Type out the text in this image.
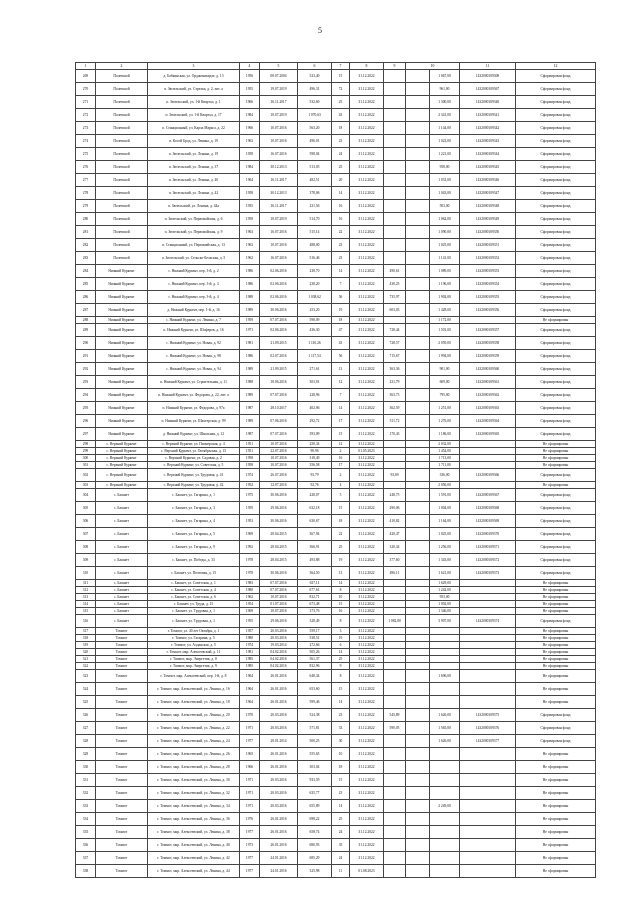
5
1	2	3	4	5	6	7	8	9	10		11	12
269	Полевской	д. Бабкинская, ул. Орджоникидзе, д. 13	1956	08.07.2004	523,40	15	31.12.2022			1 067,00	1432000109308	Сформирован фонд
270	Полевской	п. Зюзельский, ул. Стрелка, д. 2, лит. а	1955	19.07.2019	496,31	72	31.12.2022			961,00	1432000109367	Сформирован фонд
271	Полевской	п. Зюзельский, ул. 1-й Квартал, д. 1	1966	16.11.2017	532,60	25	31.12.2022			1 300,00	1432000109340	Сформирован фонд
272	Полевской	п. Зюзельский, ул. 1-й Квартал, д. 17	1984	10.07.2019	1 070,63	43	31.12.2022			2 341,00	1432000109341	Сформирован фонд
273	Полевской	п. Станционный, ул. Карла Маркса, д. 22	1966	10.07.2016	563,20	18	31.12.2022			1 144,00	1432000109342	Сформирован фонд
274	Полевской	п. Косой Брод, ул. Ленина, д. 19	1963	10.07.2016	496,01	23	31.12.2022			1 023,00	1432000109343	Сформирован фонд
275	Полевской	п. Зюзельский, ул. Ленина, д. 19	1958	16.07.2016	598,04	24	31.12.2022			1 221,00	1432000109344	Сформирован фонд
276	Полевской	п. Зюзельский, ул. Ленина, д. 37	1984	30.12.2013	513,05	25	31.12.2022			958,00	1432000109345	Сформирован фонд
277	Полевской	п. Зюзельский, ул. Ленина, д. 40	1964	16.11.2017	482,51	20	31.12.2022			1 031,00	1432000109346	Сформирован фонд
278	Полевской	п. Зюзельский, ул. Ленина, д. 42	1958	30.12.2013	378,06	14	31.12.2022			1 043,00	1432000109347	Сформирован фонд
279	Полевской	п. Зюзельский, ул. Ленина, д. 44а	1935	16.11.2017	231,56	16	31.12.2022			503,00	1432000109348	Сформирован фонд
280	Полевской	п. Зюзельский, ул. Первомайская, д. 6	1958	10.07.2019	514,70	16	31.12.2022			1 062,00	1432000109349	Сформирован фонд
281	Полевской	п. Зюзельский, ул. Первомайская, д. 9	1963	16.07.2016	515,14	22	31.12.2022			1 090,00	1432000109350	Сформирован фонд
282	Полевской	п. Станционный, ул. Первомайская, д. 13	1963	10.07.2016	488,00	23	31.12.2022			1 025,00	1432000109351	Сформирован фонд
283	Полевской	п. Зюзельский, ул. Сельско-Бельская, д. 5	1962	16.07.2016	516,46	23	31.12.2022			1 141,00	1432000109352	Сформирован фонд
284	Нижний Куркент	с. Нижний Куркент, пер. 3-й, д. 2	1986	02.06.2016	238,70	14	31.12.2022	490,61		1 089,00	1432000109353	Сформирован фонд
285	Нижний Куркент	с. Нижний Куркент, пер. 3-й, д. 3	1986	02.06.2016	238,20	7	31.12.2022	430,25		1 196,00	1432000109354	Сформирован фонд
286	Нижний Куркент	с. Нижний Куркент, пер. 3-й, д. 4	1988	02.06.2016	1 038,62	56	31.12.2022	735,97		1 902,00	1432000109355	Сформирован фонд
287	Нижний Куркент	д. Нижний Куркент, пер. 1-й, д. 16	1989	30.06.2016	253,20	19	31.12.2022	603,03		1 428,00	1432000109356	Сформирован фонд
288	Нижний Куркент	с. Нижний Куркент, ул. Ленина, д. 7	1959	07.07.2016	598,09	18	31.12.2022			1 172,00		Не сформирован
289	Нижний Куркент	п. Нижний Куркент, ул. Шоферов, д. 16	1971	02.06.2016	436,30	47	31.12.2022	728,44		1 501,00	1432000109357	Сформирован фонд
290	Нижний Куркент	с. Нижний Куркент, ул. Новая, д. 92	1981	21.09.2015	1 110,26	43	31.12.2022	728,57		2 059,00	1432000109358	Сформирован фонд
291	Нижний Куркент	с. Нижний Куркент, ул. Новая, д. 98	1986	02.07.2016	1 117,54	56	31.12.2022	715,67		1 994,00	1432000109359	Сформирован фонд
292	Нижний Куркент	с. Нижний Куркент, ул. Новая, д. 94	1989	21.09.2015	271,61	13	31.12.2022	363,36		901,00	1432000109360	Сформирован фонд
293	Нижний Куркент	п. Нижний Куркент, ул. Строительная, д. 11	1988	18.06.2016	303,91	12	31.12.2022	231,79		609,00	1432000109361	Сформирован фонд
294	Нижний Куркент	п. Нижний Куркент, ул. Федорова, д. 22, лит. а	1989	07.07.2016	228,96	7	31.12.2022	363,73		795,00	1432000109362	Сформирован фонд
295	Нижний Куркент	п. Нижний Куркент, ул. Федорова, д. 97а	1987	28.10.2017	402,06	14	31.12.2022	362,59		1 251,00	1432000109363	Сформирован фонд
296	Нижний Куркент	п. Нижний Куркент, ул. Шахтерская, д. 99	1989	07.06.2016	292,72	17	31.12.2022	511,72		1 276,00	1432000109364	Сформирован фонд
297	Нижний Куркент	д. Нижний Куркент, ул. Школьная, д. 12	1987	07.07.2016	393,09	15	31.12.2022	170,43		1 186,00	1432000109365	Сформирован фонд
298	с. Верхний Куркент	с. Верхний Куркент, ул. Пионерская, д. 4	1951	10.07.2016	258,34	12	31.12.2022			2 032,00		Не сформирован
299	с. Верхний Куркент	с. Верхний Куркент, ул. Октябрьская, д. 15	1951	22.07.2016	90,96	2	01.05.2023			1 454,00		Не сформирован
300	с. Верхний Куркент	с. Верхний Куркент, ул. Садовая, д. 2	1958	10.07.2016	318,49	16	31.12.2022			1 713,00		Не сформирован
301	с. Верхний Куркент	с. Верхний Куркент, ул. Советская, д. 5	1958	10.07.2016	356,58	17	31.12.2022			1 711,00		Не сформирован
302	с. Верхний Куркент	с. Верхний Куркент, ул. Трудовая, д. 41	1974	26.07.2016	93,79	2	31.12.2022	93,69		336,00	1432000109366	Сформирован фонд
303	с. Верхний Куркент	с. Верхний Куркент, ул. Трудовая, д. 42	1952	12.07.2016	92,76	4	31.12.2022			2 056,00		Не сформирован
304	с. Башнет	с. Башнет, ул. Гагарина, д. 1	1975	30.06.2016	428,07	5	31.12.2022	248,75		1 591,00	1432000109367	Сформирован фонд
305	с. Башнет	с. Башнет, ул. Гагарина, д. 3	1959	29.06.2016	632,18	15	31.12.2022	290,06		1 004,00	1432000109368	Сформирован фонд
306	с. Башнет	с. Башнет, ул. Гагарина, д. 4	1953	30.06.2016	630,67	18	31.12.2022	410,82		1 164,00	1432000109369	Сформирован фонд
307	с. Башнет	с. Башнет, ул. Гагарина, д. 5	1969	28.04.2015	367,94	22	31.12.2022	420,47		1 025,00	1432000109370	Сформирован фонд
308	с. Башнет	с. Башнет, ул. Гагарина, д. 9	1992	28.04.2015	366,91	25	31.12.2022	320,34		1 256,00	1432000109371	Сформирован фонд
309	с. Башнет	с. Башнет, ул. Победы, д. 33	1978	28.04.2015	493,88	19	31.12.2022	377,60		1 343,00	1432000109372	Сформирован фонд
310	с. Башнет	с. Башнет, ул. Почтовая, д. 15	1978	30.06.2016	364,50	13	31.12.2022	496,11		1 621,00	1432000109373	Сформирован фонд
311	с. Башнет	с. Башнет, ул. Советская, д. 1	1983	07.07.2016	637,11	14	31.12.2022			1 629,00		Не сформирован
312	с. Башнет	с. Башнет, ул. Советская, д. 4	1980	07.07.2016	677,61	8	31.12.2022			1 242,00		Не сформирован
313	с. Башнет	с. Башнет, ул. Советская, д. 6	1962	10.07.2016	832,71	10	31.12.2022			953,00		Не сформирован
314	с. Башнет	с. Башнет, ул. Труда, д. 15	1954	01.07.2016	673,48	15	31.12.2022			1 092,00		Не сформирован
315	с. Башнет	с. Башнет, ул. Трудовая, д. 1	1969	10.07.2016	373,76	16	31.12.2022			1 346,00		Не сформирован
316	с. Башнет	с. Башнет, ул. Трудовая, д. 1	1955	29.06.2016	328,49	8	31.12.2022	1 082,80		3 907,00	1432000109374	Сформирован фонд
317	Томмот	г. Томмот, ул. 40 лет Октября, д. 1	1957	20.03.2016	559,17	3	31.12.2022					Не сформирован
318	Томмот	г. Томмот, ул. Гагарина, д. 5	1980	20.03.2016	538,51	19	31.12.2022					Не сформирован
319	Томмот	г. Томмот, ул. Алданская, д. 5	1974	19.03.2014	272,66	6	31.12.2022					Не сформирован
320	Томмот	г. Томмот, мкр. Алексеевский, д. 11	1981	04.02.2016	505,26	14	31.12.2022					Не сформирован
321	Томмот	г. Томмот, мкр. Энергетик, д. 8	1985	04.02.2016	561,37	25	31.12.2022					Не сформирован
322	Томмот	г. Томмот, мкр. Энергетик, д. 9	1985	04.02.2016	832,96	9	31.12.2022					Не сформирован
323	Томмот	г. Томмот, мкр. Алексеевский, пер. 1-й, д. 8	1964	26.01.2016	648,34	8	31.12.2022			1 696,00		Не сформирован
324	Томмот	г. Томмот, мкр. Алексеевский, ул. Ленина, д. 16	1964	26.01.2016	653,60	15	31.12.2022					Не сформирован
325	Томмот	г. Томмот, мкр. Алексеевский, ул. Ленина, д. 18	1964	26.01.2016	599,46	14	31.12.2022					Не сформирован
326	Томмот	г. Томмот, мкр. Алексеевский, ул. Ленина, д. 20	1970	20.03.2016	524,38	23	31.12.2022	545,89		1 626,00	1432000109375	Сформирован фонд
327	Томмот	г. Томмот, мкр. Алексеевский, ул. Ленина, д. 22	1971	20.03.2016	571,81	33	31.12.2022	590,05		1 565,00	1432000109376	Сформирован фонд
328	Томмот	г. Томмот, мкр. Алексеевский, ул. Ленина, д. 24	1977	28.01.2014	500,25	30	31.12.2022			1 626,00	1432000109377	Сформирован фонд
329	Томмот	г. Томмот, мкр. Алексеевский, ул. Ленина, д. 26	1965	26.01.2016	555,65	10	31.12.2022					Не сформирован
330	Томмот	г. Томмот, мкр. Алексеевский, ул. Ленина, д. 28	1966	26.01.2016	303,04	18	31.12.2022					Не сформирован
331	Томмот	г. Томмот, мкр. Алексеевский, ул. Ленина, д. 30	1971	20.03.2016	933,59	15	31.12.2022					Не сформирован
332	Томмот	г. Томмот, мкр. Алексеевский, ул. Ленина, д. 32	1971	20.03.2016	635,77	23	31.12.2022					Не сформирован
333	Томмот	г. Томмот, мкр. Алексеевский, ул. Ленина, д. 34	1971	20.03.2016	655,89	14	31.12.2022			2 249,00		Не сформирован
334	Томмот	г. Томмот, мкр. Алексеевский, ул. Ленина, д. 36	1976	26.01.2016	698,22	25	31.12.2022					Не сформирован
335	Томмот	г. Томмот, мкр. Алексеевский, ул. Ленина, д. 38	1977	26.01.2016	658,74	24	31.12.2022					Не сформирован
336	Томмот	г. Томмот, мкр. Алексеевский, ул. Ленина, д. 40	1973	26.01.2016	680,93	35	31.12.2022					Не сформирован
337	Томмот	г. Томмот, мкр. Алексеевский, ул. Ленина, д. 42	1977	24.01.2016	685,29	24	31.12.2022					Не сформирован
338	Томмот	г. Томмот, мкр. Алексеевский, ул. Ленина, д. 44	1977	24.01.2016	325,98	11	01.08.2023					Не сформирован
